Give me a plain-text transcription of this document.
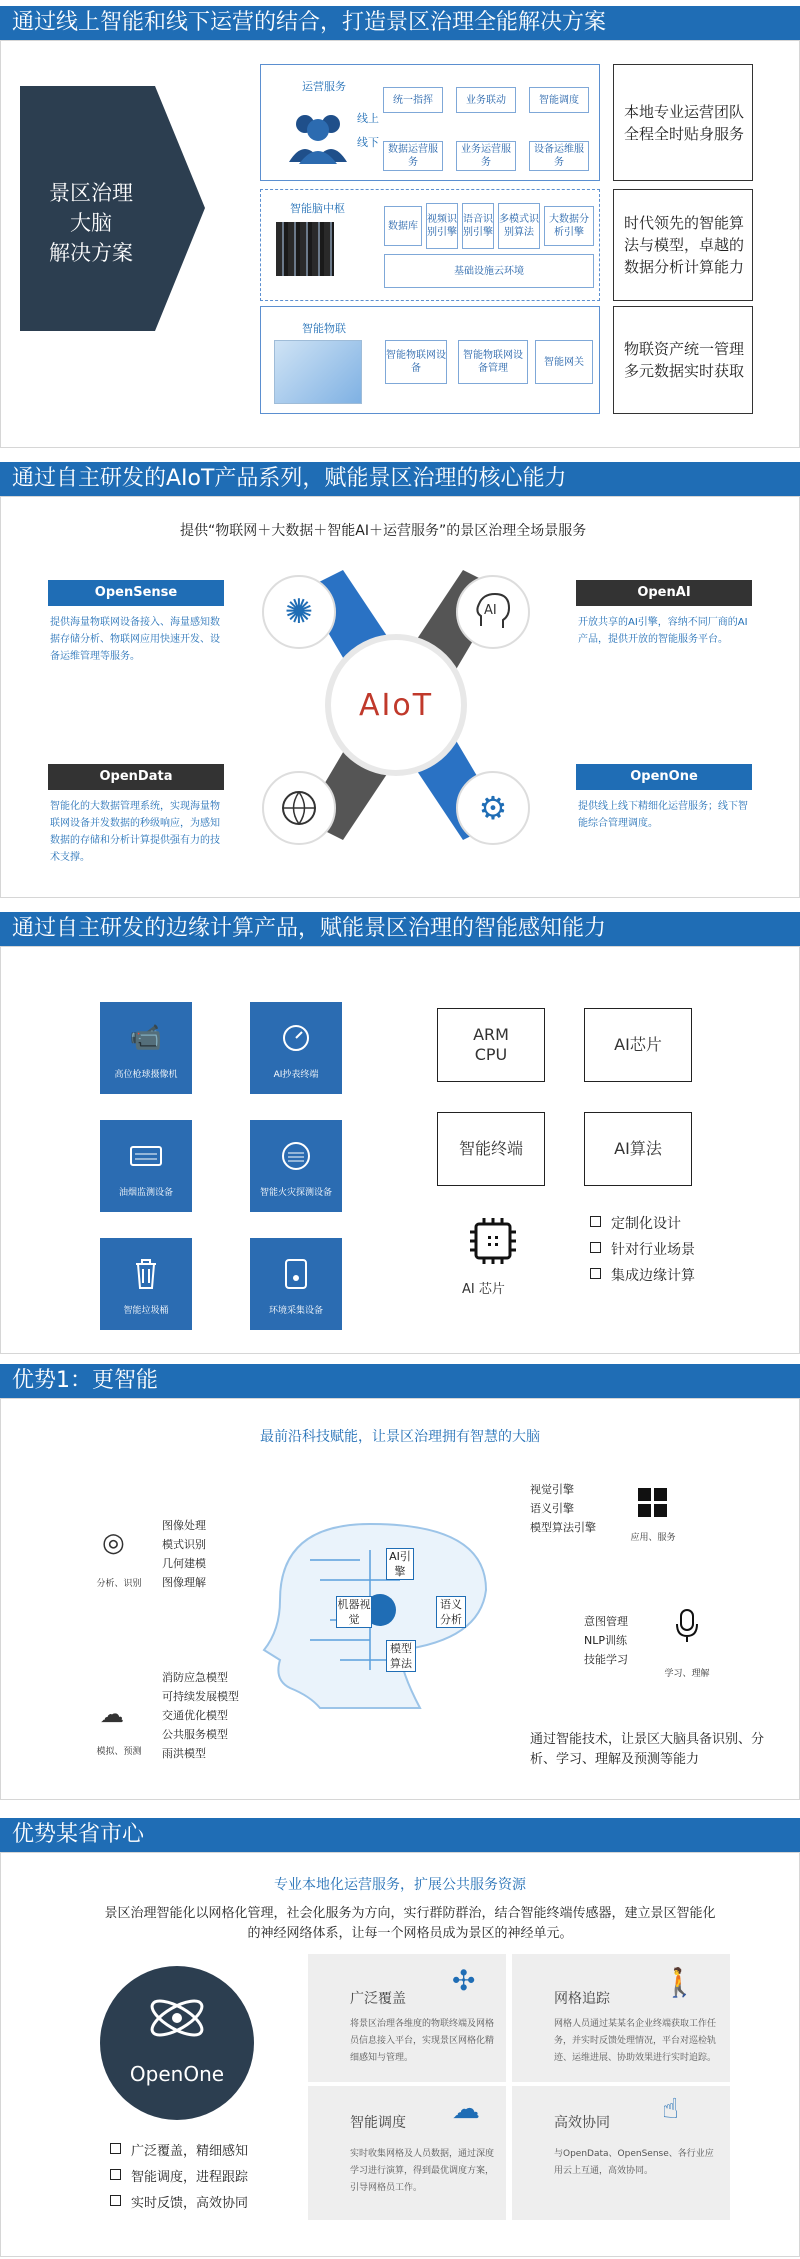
通过线上智能和线下运营的结合，打造景区治理全能解决方案
景区治理
大脑
解决方案
运营服务
线上
线下
统一指挥	业务联动	智能调度
数据运营服务
业务运营服务
设备运维服务
智能脑中枢
数据库
视频识别引擎
语音识别引擎
多模式识别算法
大数据分析引擎
基础设施云环境
智能物联
智能物联网设备
智能物联网设备管理
智能网关
本地专业运营团队全程全时贴身服务
时代领先的智能算法与模型，卓越的数据分析计算能力
物联资产统一管理多元数据实时获取
通过自主研发的AIoT产品系列，赋能景区治理的核心能力
提供“物联网＋大数据＋智能AI＋运营服务”的景区治理全场景服务
AIoT
✺	AI
⚙
OpenSense
提供海量物联网设备接入、海量感知数据存储分析、物联网应用快速开发、设备运维管理等服务。
OpenAI
开放共享的AI引擎，容纳不同厂商的AI产品，提供开放的智能服务平台。
OpenData
智能化的大数据管理系统，实现海量物联网设备并发数据的秒级响应，为感知数据的存储和分析计算提供强有力的技术支撑。
OpenOne
提供线上线下精细化运营服务；线下智能综合管理调度。
通过自主研发的边缘计算产品，赋能景区治理的智能感知能力
📹
高位枪球摄像机	AI抄表终端
油烟监测设备	智能火灾探测设备
智能垃圾桶	环境采集设备
ARM CPU
AI芯片
智能终端	AI算法
AI 芯片
定制化设计
针对行业场景
集成边缘计算
优势1：更智能
最前沿科技赋能，让景区治理拥有智慧的大脑
AI引擎
机器视觉
语义分析
模型算法
◎
分析、识别
图像处理
模式识别
几何建模
图像理解
☁
模拟、预测
消防应急模型
可持续发展模型
交通优化模型
公共服务模型
雨洪模型
视觉引擎
语义引擎
模型算法引擎
应用、服务
意图管理
NLP训练
技能学习
学习、理解
通过智能技术，让景区大脑具备识别、分析、学习、理解及预测等能力
优势某省市心
专业本地化运营服务，扩展公共服务资源
景区治理智能化以网格化管理，社会化服务为方向，实行群防群治，结合智能终端传感器，建立景区智能化的神经网络体系，让每一个网格员成为景区的神经单元。
OpenOne
广泛覆盖，精细感知
智能调度，进程跟踪
实时反馈，高效协同
广泛覆盖
✣
将景区治理各维度的物联终端及网格员信息接入平台，实现景区网格化精细感知与管理。
网格追踪 🚶
网格人员通过某某名企业终端获取工作任务，并实时反馈处理情况，平台对巡检轨迹、运维进展、协助效果进行实时追踪。
智能调度 ☁
实时收集网格及人员数据，通过深度学习进行演算，得到最优调度方案，引导网格员工作。
高效协同 ☝
与OpenData、OpenSense、各行业应用云上互通，高效协同。
